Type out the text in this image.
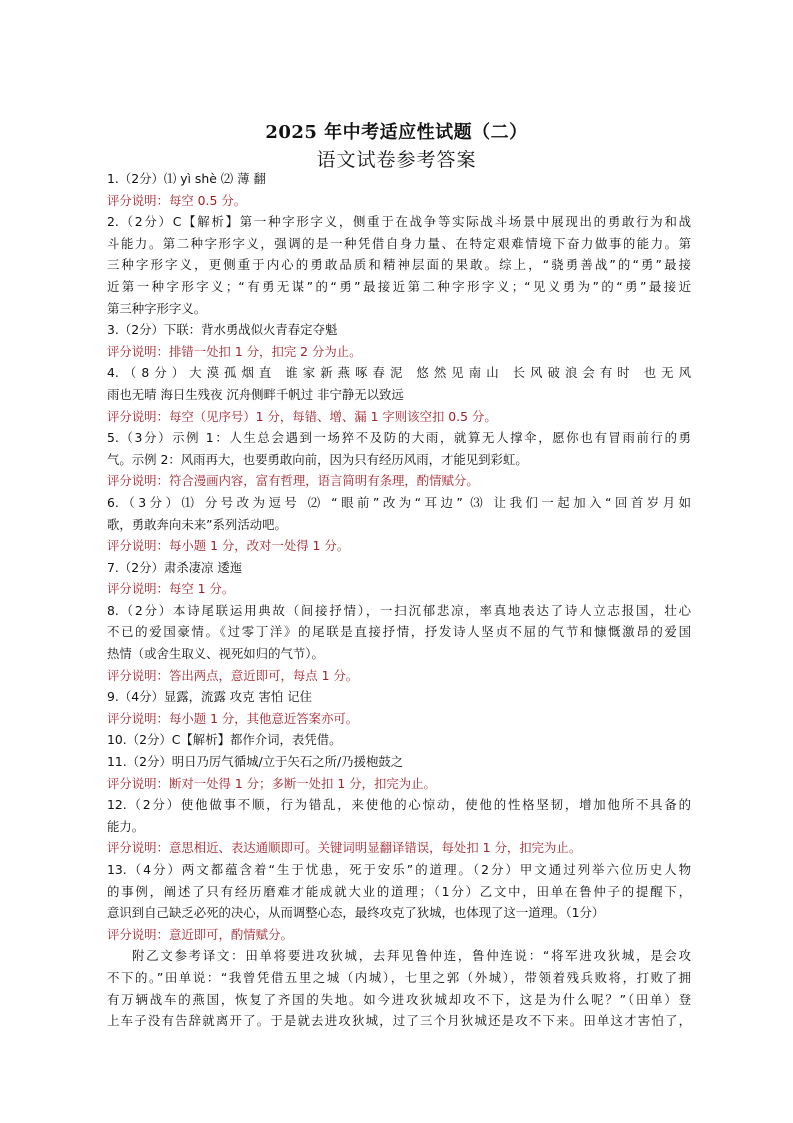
2025 年中考适应性试题（二）
语文试卷参考答案
1.（2分）⑴ yì shè ⑵ 薄 翻
评分说明：每空 0.5 分。
2.（2分）C【解析】第一种字形字义，侧重于在战争等实际战斗场景中展现出的勇敢行为和战
斗能力。第二种字形字义，强调的是一种凭借自身力量、在特定艰难情境下奋力做事的能力。第
三种字形字义，更侧重于内心的勇敢品质和精神层面的果敢。综上，“骁勇善战”的“勇”最接
近第一种字形字义；“有勇无谋”的“勇”最接近第二种字形字义；“见义勇为”的“勇”最接近
第三种字形字义。
3.（2分）下联：背水勇战似火青春定夺魁
评分说明：排错一处扣 1 分，扣完 2 分为止。
4.（8分）大漠孤烟直 谁家新燕啄春泥 悠然见南山 长风破浪会有时 也无风
雨也无晴 海日生残夜 沉舟侧畔千帆过 非宁静无以致远
评分说明：每空（见序号）1 分，每错、增、漏 1 字则该空扣 0.5 分。
5.（3分）示例 1：人生总会遇到一场猝不及防的大雨，就算无人撑伞，愿你也有冒雨前行的勇
气。示例 2：风雨再大，也要勇敢向前，因为只有经历风雨，才能见到彩虹。
评分说明：符合漫画内容，富有哲理，语言简明有条理，酌情赋分。
6.（3分）⑴ 分号改为逗号 ⑵ “眼前”改为“耳边” ⑶ 让我们一起加入“回首岁月如
歌，勇敢奔向未来”系列活动吧。
评分说明：每小题 1 分，改对一处得 1 分。
7.（2分）肃杀凄凉 逶迤
评分说明：每空 1 分。
8.（2分）本诗尾联运用典故（间接抒情），一扫沉郁悲凉，率真地表达了诗人立志报国，壮心
不已的爱国豪情。《过零丁洋》的尾联是直接抒情，抒发诗人坚贞不屈的气节和慷慨激昂的爱国
热情（或舍生取义、视死如归的气节）。
评分说明：答出两点，意近即可，每点 1 分。
9.（4分）显露，流露 攻克 害怕 记住
评分说明：每小题 1 分，其他意近答案亦可。
10.（2分）C【解析】都作介词，表凭借。
11.（2分）明日乃厉气循城/立于矢石之所/乃援枹鼓之
评分说明：断对一处得 1 分；多断一处扣 1 分，扣完为止。
12.（2分）使他做事不顺，行为错乱，来使他的心惊动，使他的性格坚韧，增加他所不具备的
能力。
评分说明：意思相近、表达通顺即可。关键词明显翻译错误，每处扣 1 分，扣完为止。
13.（4分）两文都蕴含着“生于忧患，死于安乐”的道理。（2分）甲文通过列举六位历史人物
的事例，阐述了只有经历磨难才能成就大业的道理；（1分）乙文中，田单在鲁仲子的提醒下，
意识到自己缺乏必死的决心，从而调整心态，最终攻克了狄城，也体现了这一道理。（1分）
评分说明：意近即可，酌情赋分。
附乙文参考译文：田单将要进攻狄城，去拜见鲁仲连，鲁仲连说：“将军进攻狄城，是会攻
不下的。”田单说：“我曾凭借五里之城（内城），七里之郭（外城），带领着残兵败将，打败了拥
有万辆战车的燕国，恢复了齐国的失地。如今进攻狄城却攻不下，这是为什么呢？”（田单）登
上车子没有告辞就离开了。于是就去进攻狄城，过了三个月狄城还是攻不下来。田单这才害怕了，
